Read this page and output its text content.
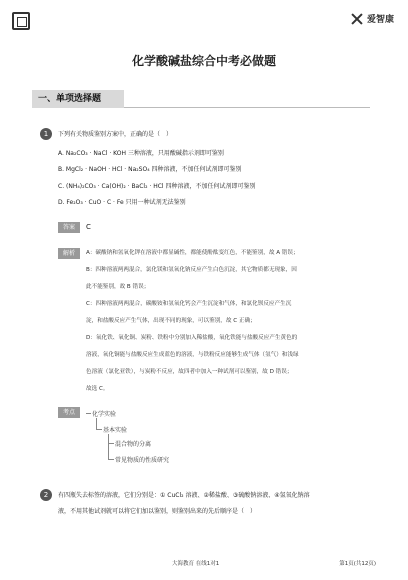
爱智康
化学酸碱盐综合中考必做题
一、单项选择题
1	下列有关物质鉴别方案中，正确的是（　）
A. Na₂CO₃ · NaCl · KOH 三种溶液，只用酸碱指示剂即可鉴别
B. MgCl₂ · NaOH · HCl · Na₂SO₄ 四种溶液，不加任何试剂即可鉴别
C. (NH₄)₂CO₃ · Ca(OH)₂ · BaCl₂ · HCl 四种溶液，不加任何试剂即可鉴别
D. Fe₂O₃ · CuO · C · Fe 只用一种试剂无法鉴别
答案	C
解析	A：碳酸钠和氢氧化钾在溶液中都显碱性，都能使酚酞变红色，不能鉴别，故 A 错误；
B：四种溶液两两混合，氯化镁和氢氧化钠反应产生白色沉淀，其它物质都无现象，因
此不能鉴别，故 B 错误；
C：四种溶液两两混合，碳酸铵和氢氧化钙会产生沉淀和气体，和氯化钡反应产生沉
淀，和盐酸反应产生气体，出现不同的现象，可以鉴别，故 C 正确；
D：氧化铁、氧化铜、炭粉、铁粉中分别加入稀盐酸，氧化铁能与盐酸反应产生黄色的
溶液，氧化铜能与盐酸反应生成蓝色的溶液，与铁粉反应能够生成气体（氢气）和浅绿
色溶液（氯化亚铁），与炭粉不反应，故四者中加入一种试剂可以鉴别，故 D 错误；
故选 C。
考点	化学实验
基本实验
混合物的分离
常见物质的性质研究
2	有四瓶失去标签的溶液，它们分别是：① CuCl₂ 溶液、②稀盐酸、③硫酸钠溶液、④氢氧化钠溶
液，不用其他试剂就可以将它们加以鉴别，则鉴别出来的先后顺序是（　）
大海教育 在线1对1	第1页(共12页)
